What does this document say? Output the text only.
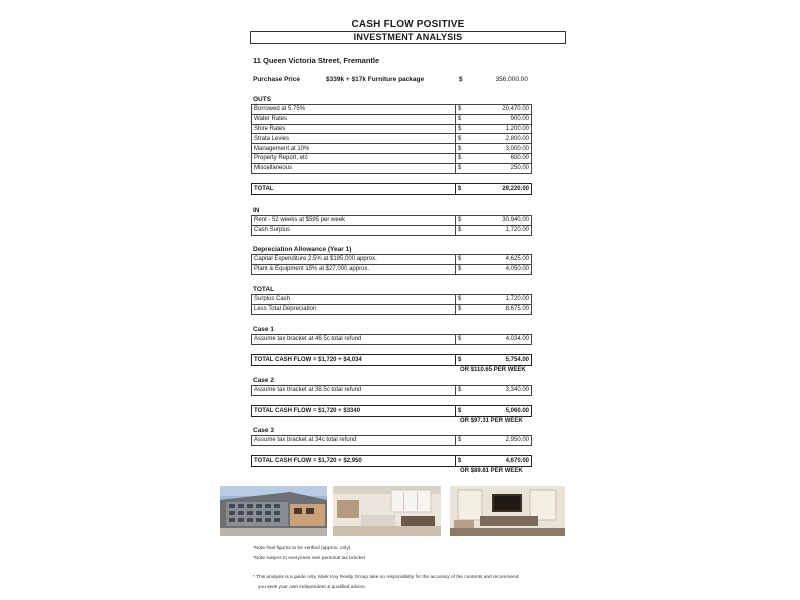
CASH FLOW POSITIVE
INVESTMENT ANALYSIS
11 Queen Victoria Street, Fremantle
Purchase Price	$339k + $17k Furniture package	$	356,000.00
OUTS
Borrowed at 5.75%	$	20,470.00
Water Rates	$	900.00
Shire Rates	$	1,200.00
Strata Levies	$	2,800.00
Management at 10%	$	3,000.00
Property Report, etc	$	600.00
Miscellaneous	$	250.00
TOTAL	$	29,220.00
IN
Rent - 52 weeks at $595 per week	$	30,940.00
Cash Surplus	$	1,720.00
Depreciation Allowance (Year 1)
Capital Expenditure 2.5% at $185,000 approx.	$	4,625.00
Plant & Equipment 15% at $27,000 approx.	$	4,050.00
TOTAL
Surplus Cash	$	1,720.00
Less Total Depreciation	$	8,675.00
Case 1
Assume tax bracket at 46.5c total refund	$	4,034.00
TOTAL CASH FLOW = $1,720 + $4,034	$	5,754.00
OR $110.65 PER WEEK
Case 2
Assume tax bracket at 38.5c total refund	$	3,340.00
TOTAL CASH FLOW = $1,720 + $3340	$	5,060.00
OR $97.31 PER WEEK
Case 3
Assume tax bracket at 34c total refund	$	2,950.00
TOTAL CASH FLOW = $1,720 + $2,950	$	4,670.00
OR $89.81 PER WEEK
*Note final figures to be verified (approx. only)
*Note subject to everyones own personal tax bracket
* This analysis is a guide only. Mark Key Realty Group take no responsibility for the accuracy of the contents and recommend
you seek your own independent & qualified advice.
